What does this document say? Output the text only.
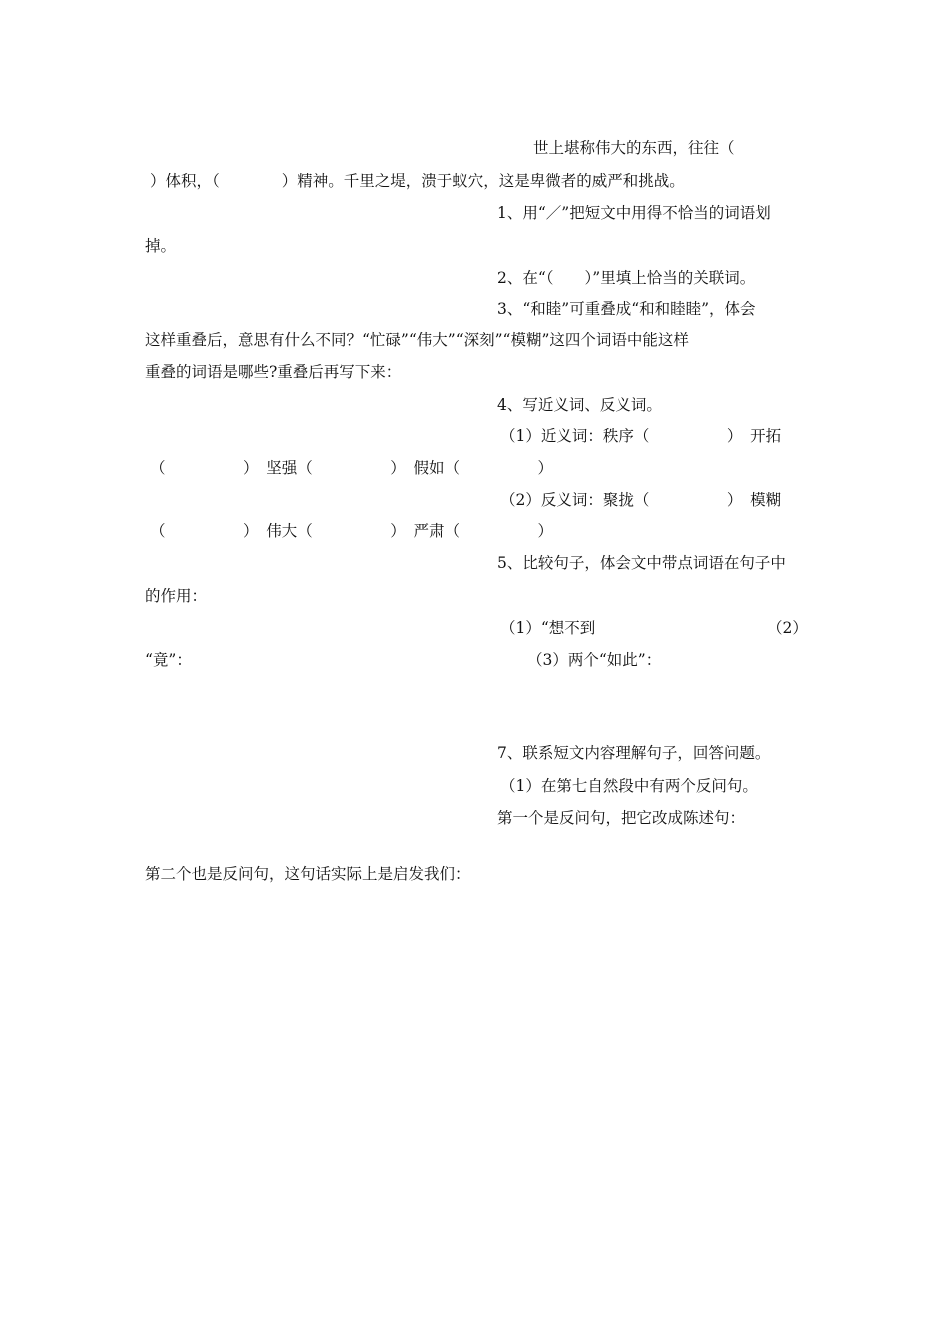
世上堪称伟大的东西，往往（
）体积，（　　　　）精神。千里之堤，溃于蚁穴，这是卑微者的威严和挑战。
1、用“／”把短文中用得不恰当的词语划
掉。
2、在“（　　）”里填上恰当的关联词。
3、“和睦”可重叠成“和和睦睦”，体会
这样重叠后，意思有什么不同？“忙碌”“伟大”“深刻”“模糊”这四个词语中能这样
重叠的词语是哪些?重叠后再写下来：
4、写近义词、反义词。
（1）近义词：秩序（　　　　　）　开拓
（　　　　　）　坚强（　　　　　）　假如（　　　　　）
（2）反义词：聚拢（　　　　　）　模糊
（　　　　　）　伟大（　　　　　）　严肃（　　　　　）
5、比较句子，体会文中带点词语在句子中
的作用：
（1）“想不到	（2）
“竟”：	（3）两个“如此”：
7、联系短文内容理解句子，回答问题。
（1）在第七自然段中有两个反问句。
第一个是反问句，把它改成陈述句：
第二个也是反问句，这句话实际上是启发我们：
